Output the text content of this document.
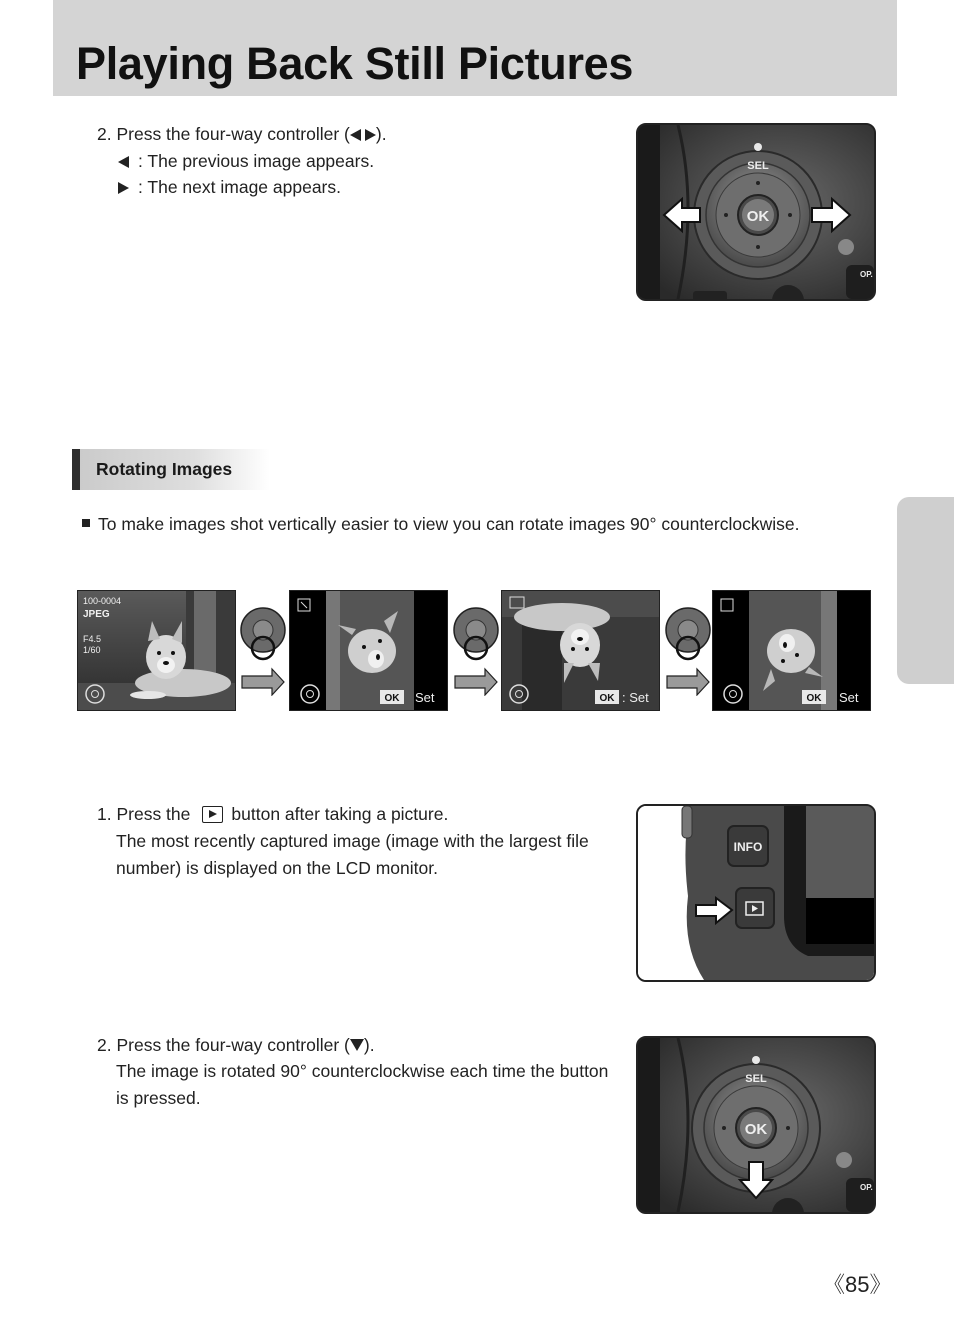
Playing Back Still Pictures
2. Press the four-way controller ( ).
: The previous image appears.
: The next image appears.
OK
SEL
OP.
Rotating Images
To make images shot vertically easier to view you can rotate images 90° counterclockwise.
100-0004
JPEG
F4.5
1/60
OK Set	OK : Set	OK Set
1. Press the button after taking a picture.
The most recently captured image (image with the largest file
number) is displayed on the LCD monitor.
INFO
2. Press the four-way controller ( ).
The image is rotated 90° counterclockwise each time the button
is pressed.
OK
SEL
OP.
《85》
